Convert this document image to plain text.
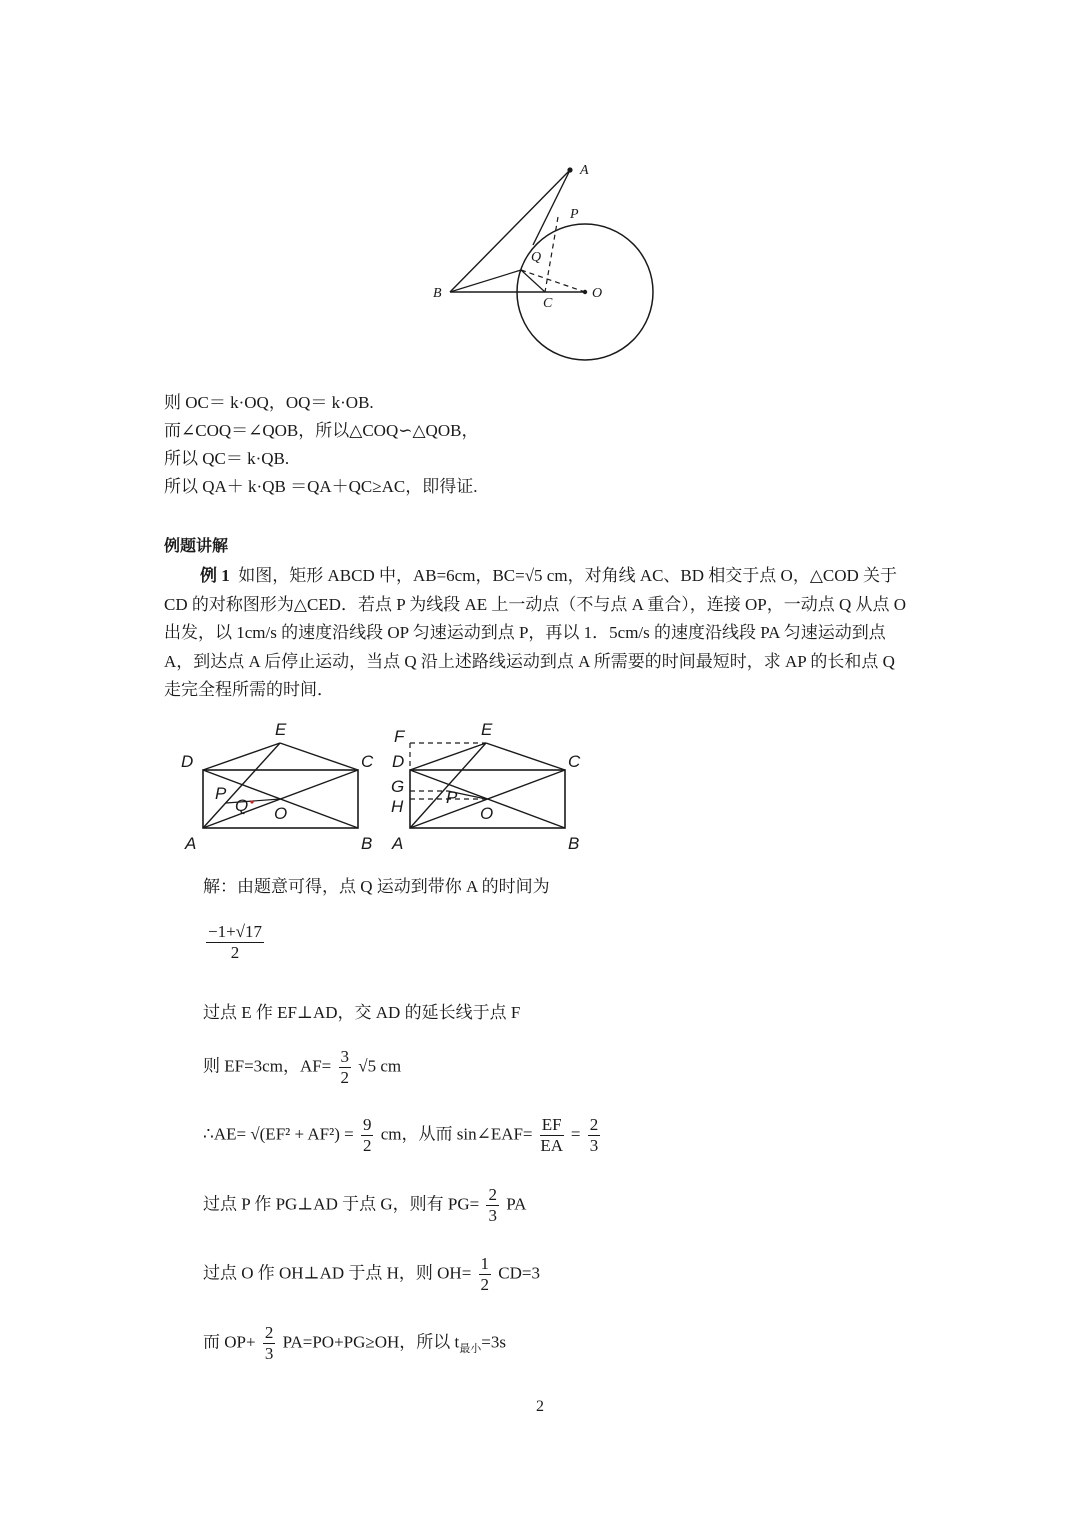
A
P
Q
B
C
O
则 OC＝ k·OQ，OQ＝ k·OB.
而∠COQ＝∠QOB，所以△COQ∽△QOB，
所以 QC＝ k·QB.
所以 QA＋ k·QB ＝QA＋QC≥AC，即得证.
例题讲解
例 1 如图，矩形 ABCD 中，AB=6cm，BC=√5 cm，对角线 AC、BD 相交于点 O，△COD 关于 CD 的对称图形为△CED．若点 P 为线段 AE 上一动点（不与点 A 重合），连接 OP，一动点 Q 从点 O 出发，以 1cm/s 的速度沿线段 OP 匀速运动到点 P，再以 1．5cm/s 的速度沿线段 PA 匀速运动到点 A，到达点 A 后停止运动，当点 Q 沿上述路线运动到点 A 所需要的时间最短时，求 AP 的长和点 Q 走完全程所需的时间．
E
D	C
P
Q O
A	B
F	E
D	C
G
H	P
O
A	B
解：由题意可得，点 Q 运动到带你 A 的时间为
$\frac{-1+√17}{2}$
过点 E 作 EF⊥AD，交 AD 的延长线于点 F
则 EF=3cm，$AF= \frac{3}{2} √5$ cm
∴AE= $√(EF^2 + AF^2) = \frac{9}{2}$ cm，从而 sin∠EAF= $\frac{EF}{EA} = \frac{2}{3}$
过点 P 作 PG⊥AD 于点 G，则有 $PG= \frac{2}{3}$ PA
过点 O 作 OH⊥AD 于点 H，则 $OH= \frac{1}{2} CD=3$
而 $OP+ \frac{2}{3} PA=PO+PG\ge OH$，所以 $t_{最小}=3s$
2
